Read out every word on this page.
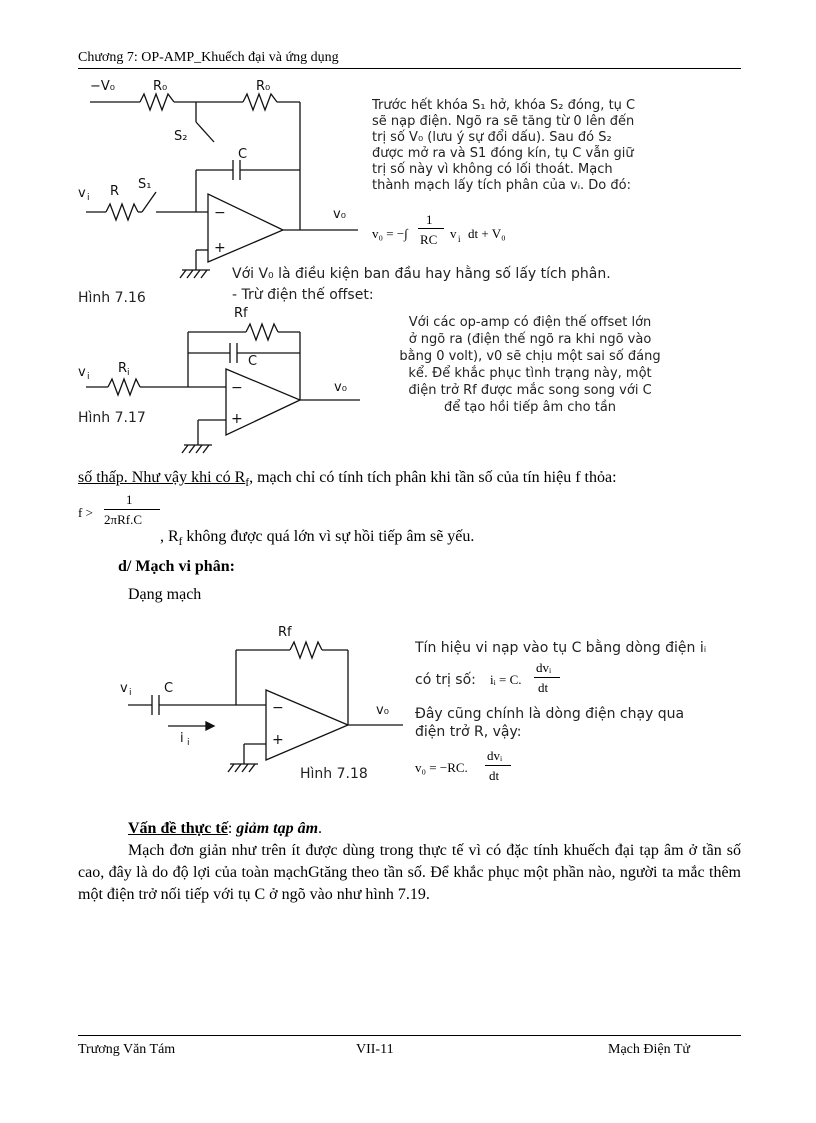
Chương 7: OP-AMP_Khuếch đại và ứng dụng
−V₀	R₀	R₀
S₂
C
v i R S₁
−
+
v₀
Hình 7.16
Trước hết khóa S₁ hở, khóa S₂ đóng, tụ C
sẽ nạp điện. Ngõ ra sẽ tăng từ 0 lên đến
trị số V₀ (lưu ý sự đổi dấu). Sau đó S₂
được mở ra và S1 đóng kín, tụ C vẫn giữ
trị số này vì không có lối thoát. Mạch
thành mạch lấy tích phân của vᵢ. Do đó:
v₀ = −∫
1
RC v i dt + V₀
Với V₀ là điều kiện ban đầu hay hằng số lấy tích phân.
- Trừ điện thế offset:
Rf
C
v i
R i
−
+
v₀
Hình 7.17
Với các op-amp có điện thế offset lớn
ở ngõ ra (điện thế ngõ ra khi ngõ vào
bằng 0 volt), v0 sẽ chịu một sai số đáng
kể. Để khắc phục tình trạng này, một
điện trở Rf được mắc song song với C
để tạo hồi tiếp âm cho tần
số thấp. Như vậy khi có $R_f$, mạch chỉ có tính tích phân khi tần số của tín hiệu f thỏa:
f >
1
2πRf.C
, $R_f$ không được quá lớn vì sự hồi tiếp âm sẽ yếu.
d/ Mạch vi phân:
Dạng mạch
Rf
v i C
i i
−
+
v₀
Hình 7.18
Tín hiệu vi nạp vào tụ C bằng dòng điện iᵢ
có trị số: iᵢ = C.
dvᵢ
dt
Đây cũng chính là dòng điện chạy qua
điện trở R, vậy:
v₀ = −RC.
dvᵢ
dt
Vấn đề thực tế: giảm tạp âm.
Mạch đơn giản như trên ít được dùng trong thực tế vì có đặc tính khuếch đại tạp âm ở tần số cao, đây là do độ lợi của toàn mạchGtăng theo tần số. Để khắc phục một phần nào, người ta mắc thêm một điện trở nối tiếp với tụ C ở ngõ vào như hình 7.19.
Trương Văn Tám	VII-11	Mạch Điện Tử
